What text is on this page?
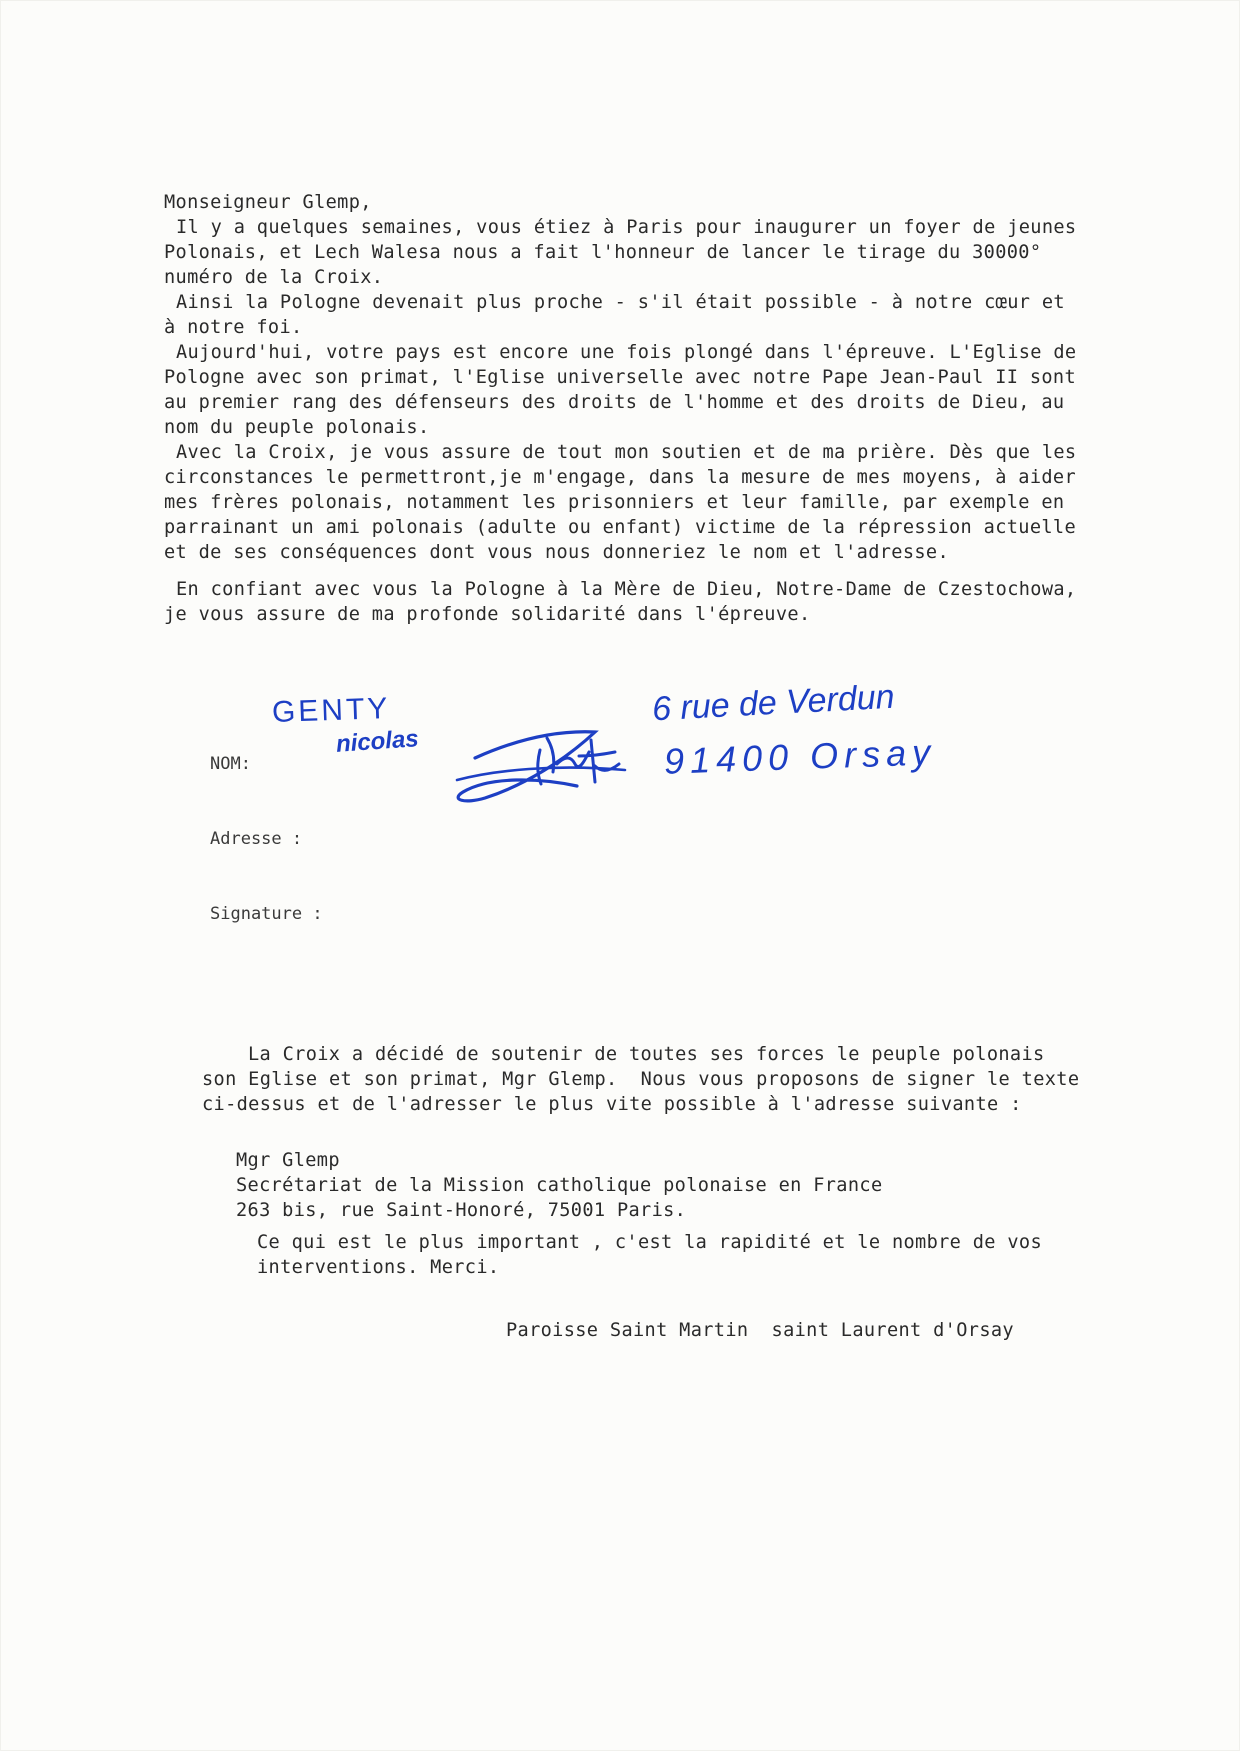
Monseigneur Glemp,
Il y a quelques semaines, vous étiez à Paris pour inaugurer un foyer de jeunes
Polonais, et Lech Walesa nous a fait l'honneur de lancer le tirage du 30000°
numéro de la Croix.
Ainsi la Pologne devenait plus proche - s'il était possible - à notre cœur et
à notre foi.
Aujourd'hui, votre pays est encore une fois plongé dans l'épreuve. L'Eglise de
Pologne avec son primat, l'Eglise universelle avec notre Pape Jean-Paul II sont
au premier rang des défenseurs des droits de l'homme et des droits de Dieu, au
nom du peuple polonais.
Avec la Croix, je vous assure de tout mon soutien et de ma prière. Dès que les
circonstances le permettront,je m'engage, dans la mesure de mes moyens, à aider
mes frères polonais, notamment les prisonniers et leur famille, par exemple en
parrainant un ami polonais (adulte ou enfant) victime de la répression actuelle
et de ses conséquences dont vous nous donneriez le nom et l'adresse.
En confiant avec vous la Pologne à la Mère de Dieu, Notre-Dame de Czestochowa,
je vous assure de ma profonde solidarité dans l'épreuve.

NOM:

Adresse :

Signature :

GENTY
nicolas
6 rue de Verdun
91400 Orsay
La Croix a décidé de soutenir de toutes ses forces le peuple polonais
son Eglise et son primat, Mgr Glemp.  Nous vous proposons de signer le texte
ci-dessus et de l'adresser le plus vite possible à l'adresse suivante :
Mgr Glemp
Secrétariat de la Mission catholique polonaise en France
263 bis, rue Saint-Honoré, 75001 Paris.
Ce qui est le plus important , c'est la rapidité et le nombre de vos
interventions. Merci.
Paroisse Saint Martin  saint Laurent d'Orsay
